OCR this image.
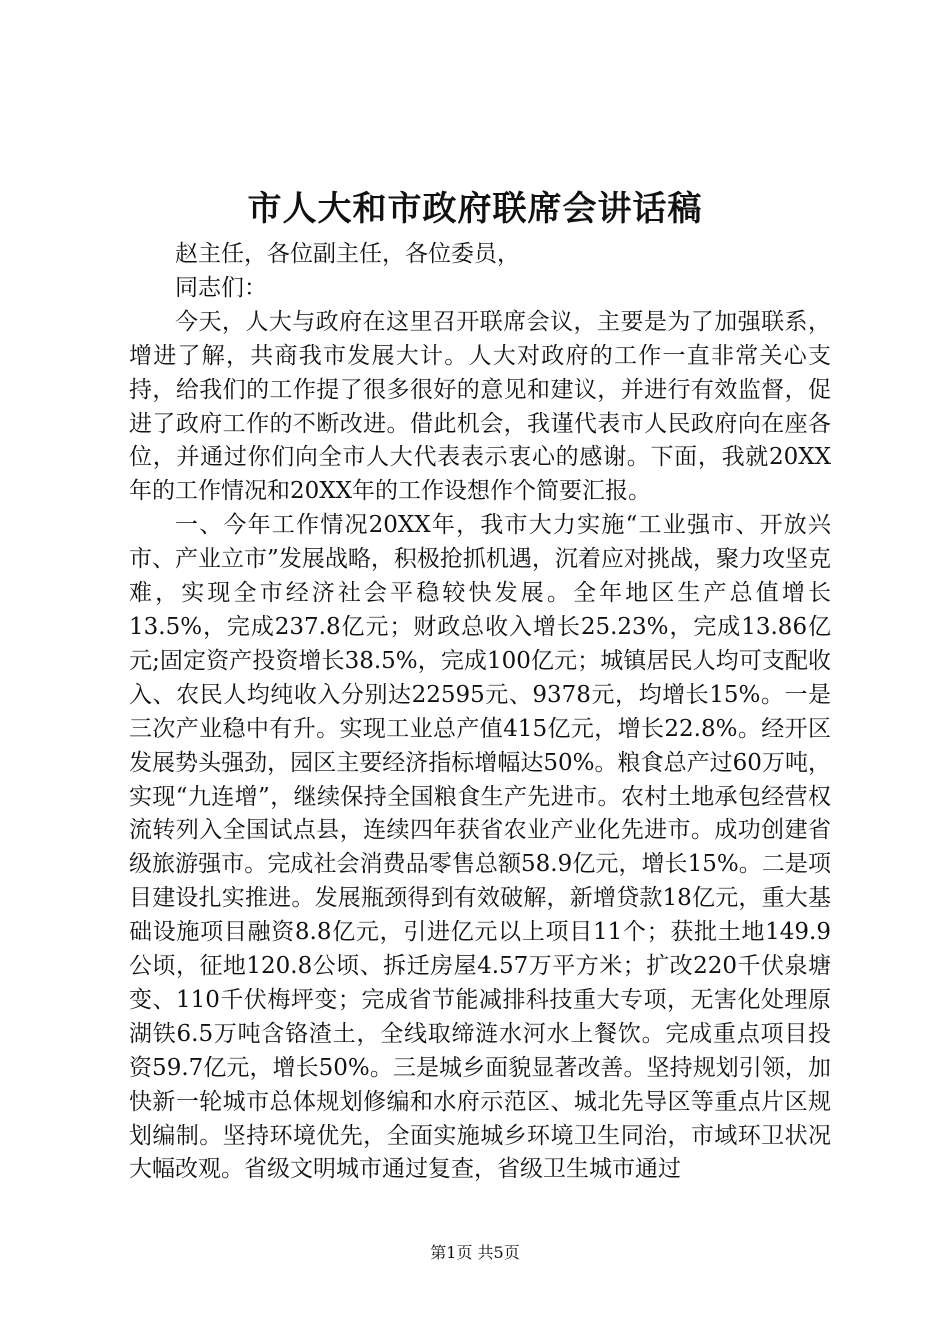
市人大和市政府联席会讲话稿

赵主任，各位副主任，各位委员，

同志们：

今天，人大与政府在这里召开联席会议，主要是为了加强联系，增进了解，共商我市发展大计。人大对政府的工作一直非常关心支持，给我们的工作提了很多很好的意见和建议，并进行有效监督，促进了政府工作的不断改进。借此机会，我谨代表市人民政府向在座各位，并通过你们向全市人大代表表示衷心的感谢。下面，我就20XX年的工作情况和20XX年的工作设想作个简要汇报。

一、今年工作情况20XX年，我市大力实施“工业强市、开放兴市、产业立市”发展战略，积极抢抓机遇，沉着应对挑战，聚力攻坚克难，实现全市经济社会平稳较快发展。全年地区生产总值增长13.5%，完成237.8亿元；财政总收入增长25.23%，完成13.86亿元;固定资产投资增长38.5%，完成100亿元；城镇居民人均可支配收入、农民人均纯收入分别达22595元、9378元，均增长15%。一是三次产业稳中有升。实现工业总产值415亿元，增长22.8%。经开区发展势头强劲，园区主要经济指标增幅达50%。粮食总产过60万吨，实现“九连增”，继续保持全国粮食生产先进市。农村土地承包经营权流转列入全国试点县，连续四年获省农业产业化先进市。成功创建省级旅游强市。完成社会消费品零售总额58.9亿元，增长15%。二是项目建设扎实推进。发展瓶颈得到有效破解，新增贷款18亿元，重大基础设施项目融资8.8亿元，引进亿元以上项目11个；获批土地149.9公顷，征地120.8公顷、拆迁房屋4.57万平方米；扩改220千伏泉塘变、110千伏梅坪变；完成省节能减排科技重大专项，无害化处理原湖铁6.5万吨含铬渣土，全线取缔涟水河水上餐饮。完成重点项目投资59.7亿元，增长50%。三是城乡面貌显著改善。坚持规划引领，加快新一轮城市总体规划修编和水府示范区、城北先导区等重点片区规划编制。坚持环境优先，全面实施城乡环境卫生同治，市域环卫状况大幅改观。省级文明城市通过复查，省级卫生城市通过

第1页 共5页
